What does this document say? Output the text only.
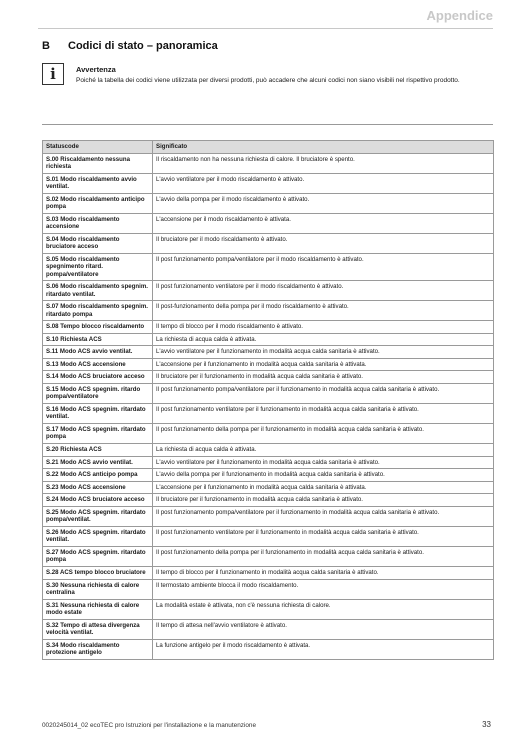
Appendice
B Codici di stato – panoramica
i	Avvertenza
Poiché la tabella dei codici viene utilizzata per diversi prodotti, può accadere che alcuni codici non siano visibili nel rispettivo prodotto.
Statuscode	Significato
S.00 Riscaldamento nessuna richiesta	Il riscaldamento non ha nessuna richiesta di calore. Il bruciatore è spento.
S.01 Modo riscaldamento avvio ventilat.	L'avvio ventilatore per il modo riscaldamento è attivato.
S.02 Modo riscaldamento anticipo pompa	L'avvio della pompa per il modo riscaldamento è attivato.
S.03 Modo riscaldamento accensione	L'accensione per il modo riscaldamento è attivata.
S.04 Modo riscaldamento bruciatore acceso	Il bruciatore per il modo riscaldamento è attivato.
S.05 Modo riscaldamento spegnimento ritard. pompa/ventilatore	Il post funzionamento pompa/ventilatore per il modo riscaldamento è attivato.
S.06 Modo riscaldamento spegnim. ritardato ventilat.	Il post funzionamento ventilatore per il modo riscaldamento è attivato.
S.07 Modo riscaldamento spegnim. ritardato pompa	Il post-funzionamento della pompa per il modo riscaldamento è attivato.
S.08 Tempo blocco riscaldamento	Il tempo di blocco per il modo riscaldamento è attivato.
S.10 Richiesta ACS	La richiesta di acqua calda è attivata.
S.11 Modo ACS avvio ventilat.	L'avvio ventilatore per il funzionamento in modalità acqua calda sanitaria è attivato.
S.13 Modo ACS accensione	L'accensione per il funzionamento in modalità acqua calda sanitaria è attivata.
S.14 Modo ACS bruciatore acceso	Il bruciatore per il funzionamento in modalità acqua calda sanitaria è attivato.
S.15 Modo ACS spegnim. ritardo pompa/ventilatore	Il post funzionamento pompa/ventilatore per il funzionamento in modalità acqua calda sanitaria è attivato.
S.16 Modo ACS spegnim. ritardato ventilat.	Il post funzionamento ventilatore per il funzionamento in modalità acqua calda sanitaria è attivato.
S.17 Modo ACS spegnim. ritardato pompa	Il post funzionamento della pompa per il funzionamento in modalità acqua calda sanitaria è attivato.
S.20 Richiesta ACS	La richiesta di acqua calda è attivata.
S.21 Modo ACS avvio ventilat.	L'avvio ventilatore per il funzionamento in modalità acqua calda sanitaria è attivato.
S.22 Modo ACS anticipo pompa	L'avvio della pompa per il funzionamento in modalità acqua calda sanitaria è attivato.
S.23 Modo ACS accensione	L'accensione per il funzionamento in modalità acqua calda sanitaria è attivata.
S.24 Modo ACS bruciatore acceso	Il bruciatore per il funzionamento in modalità acqua calda sanitaria è attivato.
S.25 Modo ACS spegnim. ritardato pompa/ventilat.	Il post funzionamento pompa/ventilatore per il funzionamento in modalità acqua calda sanitaria è attivato.
S.26 Modo ACS spegnim. ritardato ventilat.	Il post funzionamento ventilatore per il funzionamento in modalità acqua calda sanitaria è attivato.
S.27 Modo ACS spegnim. ritardato pompa	Il post funzionamento della pompa per il funzionamento in modalità acqua calda sanitaria è attivato.
S.28 ACS tempo blocco bruciatore	Il tempo di blocco per il funzionamento in modalità acqua calda sanitaria è attivato.
S.30 Nessuna richiesta di calore centralina	Il termostato ambiente blocca il modo riscaldamento.
S.31 Nessuna richiesta di calore modo estate	La modalità estate è attivata, non c'è nessuna richiesta di calore.
S.32 Tempo di attesa divergenza velocità ventilat.	Il tempo di attesa nell'avvio ventilatore è attivato.
S.34 Modo riscaldamento protezione antigelo	La funzione antigelo per il modo riscaldamento è attivata.
0020245014_02 ecoTEC pro Istruzioni per l'installazione e la manutenzione	33
